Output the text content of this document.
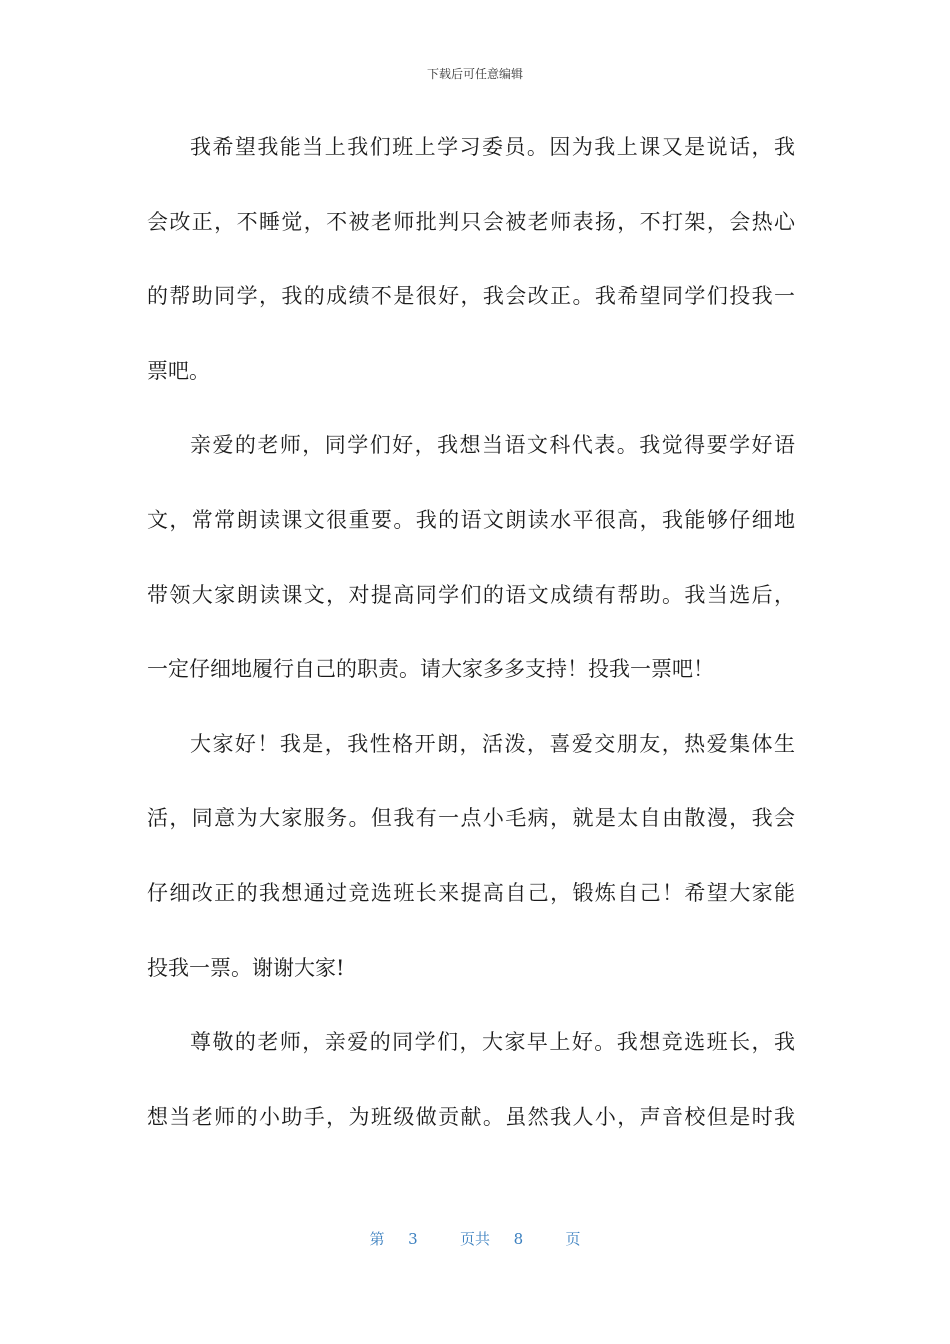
下载后可任意编辑
我希望我能当上我们班上学习委员。因为我上课又是说话，我
会改正，不睡觉，不被老师批判只会被老师表扬，不打架，会热心
的帮助同学，我的成绩不是很好，我会改正。我希望同学们投我一
票吧。
亲爱的老师，同学们好，我想当语文科代表。我觉得要学好语
文，常常朗读课文很重要。我的语文朗读水平很高，我能够仔细地
带领大家朗读课文，对提高同学们的语文成绩有帮助。我当选后，
一定仔细地履行自己的职责。请大家多多支持！投我一票吧！
大家好！我是，我性格开朗，活泼，喜爱交朋友，热爱集体生
活，同意为大家服务。但我有一点小毛病，就是太自由散漫，我会
仔细改正的我想通过竞选班长来提高自己，锻炼自己！希望大家能
投我一票。谢谢大家!
尊敬的老师，亲爱的同学们，大家早上好。我想竞选班长，我
想当老师的小助手，为班级做贡献。虽然我人小，声音校但是时我
第 3	页共 8	页
